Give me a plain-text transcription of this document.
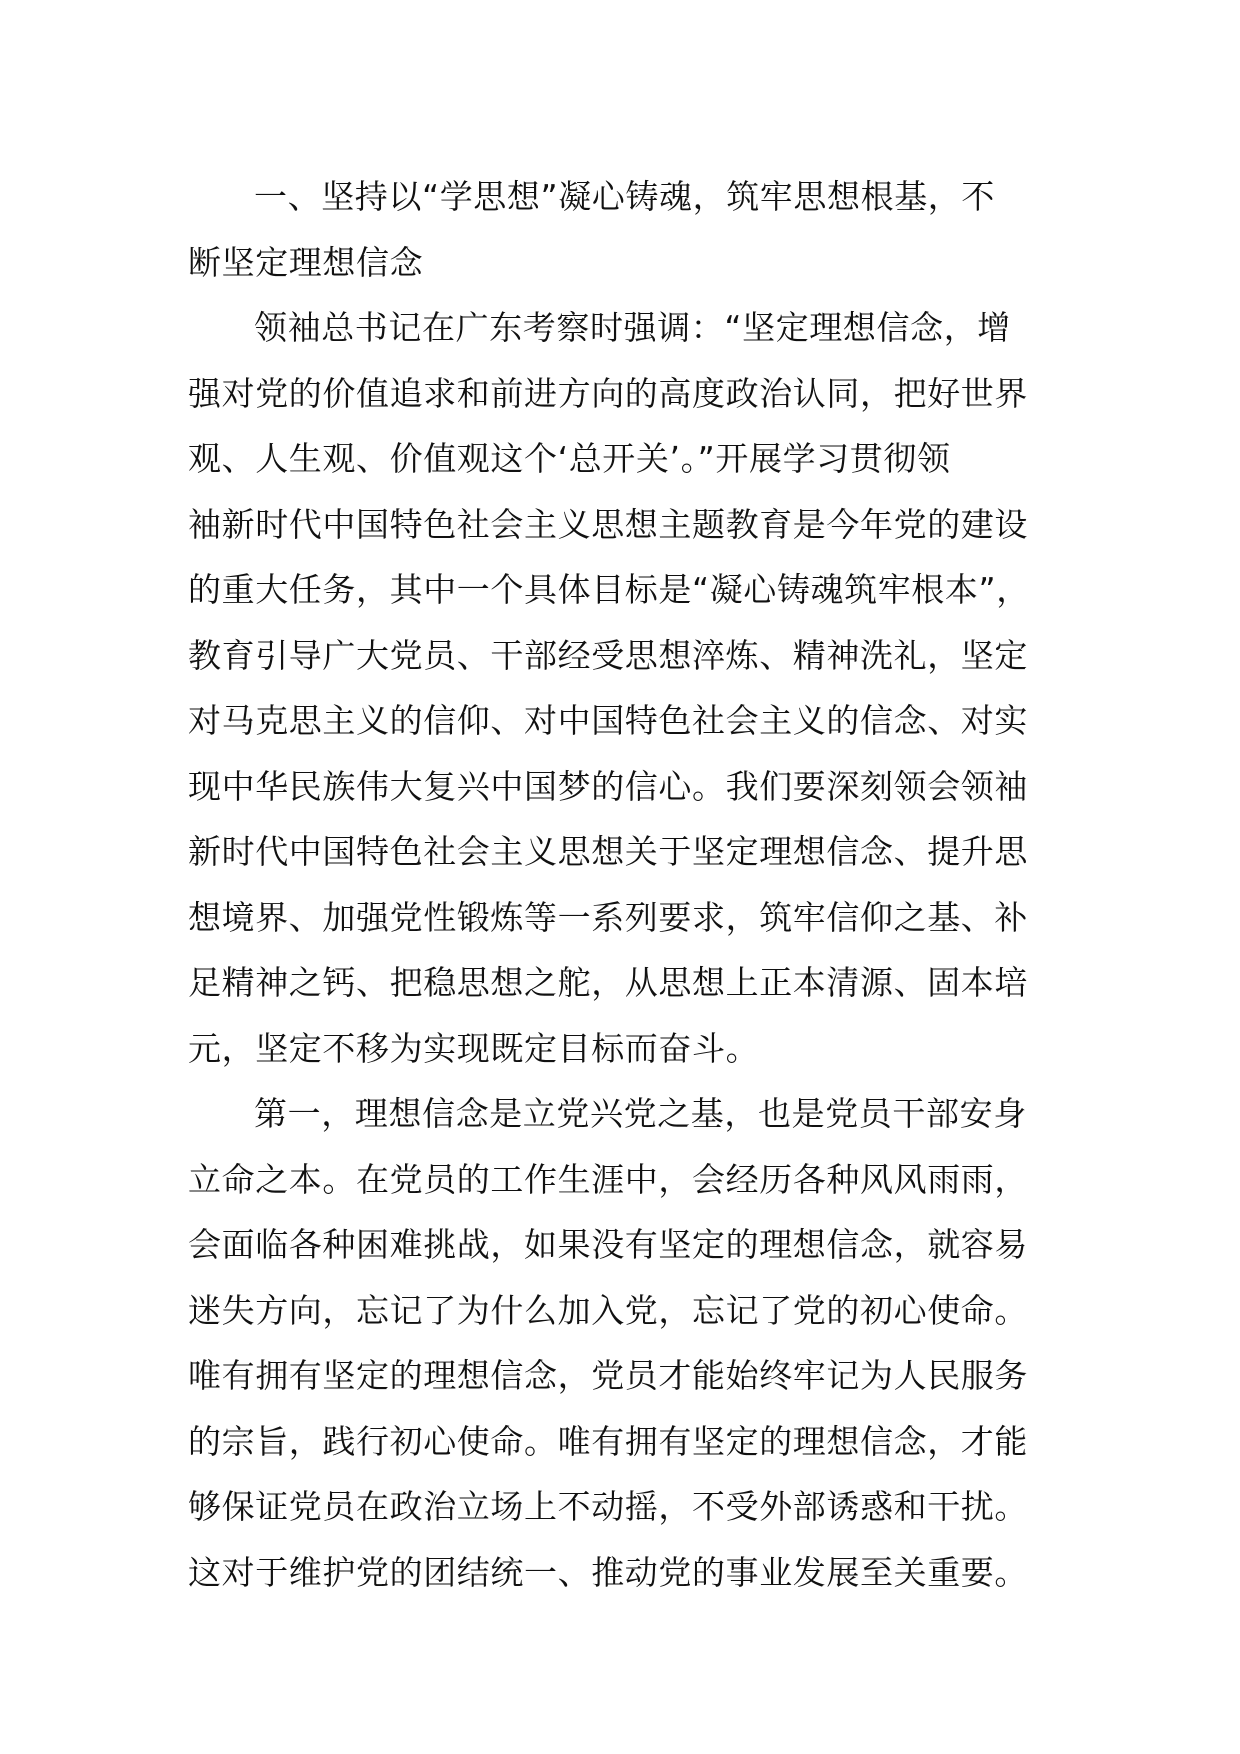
一、坚持以“学思想”凝心铸魂，筑牢思想根基，不
断坚定理想信念
领袖总书记在广东考察时强调：“坚定理想信念，增
强对党的价值追求和前进方向的高度政治认同，把好世界
观、人生观、价值观这个‘总开关’。”开展学习贯彻领
袖新时代中国特色社会主义思想主题教育是今年党的建设
的重大任务，其中一个具体目标是“凝心铸魂筑牢根本”，
教育引导广大党员、干部经受思想淬炼、精神洗礼，坚定
对马克思主义的信仰、对中国特色社会主义的信念、对实
现中华民族伟大复兴中国梦的信心。我们要深刻领会领袖
新时代中国特色社会主义思想关于坚定理想信念、提升思
想境界、加强党性锻炼等一系列要求，筑牢信仰之基、补
足精神之钙、把稳思想之舵，从思想上正本清源、固本培
元，坚定不移为实现既定目标而奋斗。
第一，理想信念是立党兴党之基，也是党员干部安身
立命之本。在党员的工作生涯中，会经历各种风风雨雨，
会面临各种困难挑战，如果没有坚定的理想信念，就容易
迷失方向，忘记了为什么加入党，忘记了党的初心使命。
唯有拥有坚定的理想信念，党员才能始终牢记为人民服务
的宗旨，践行初心使命。唯有拥有坚定的理想信念，才能
够保证党员在政治立场上不动摇，不受外部诱惑和干扰。
这对于维护党的团结统一、推动党的事业发展至关重要。
